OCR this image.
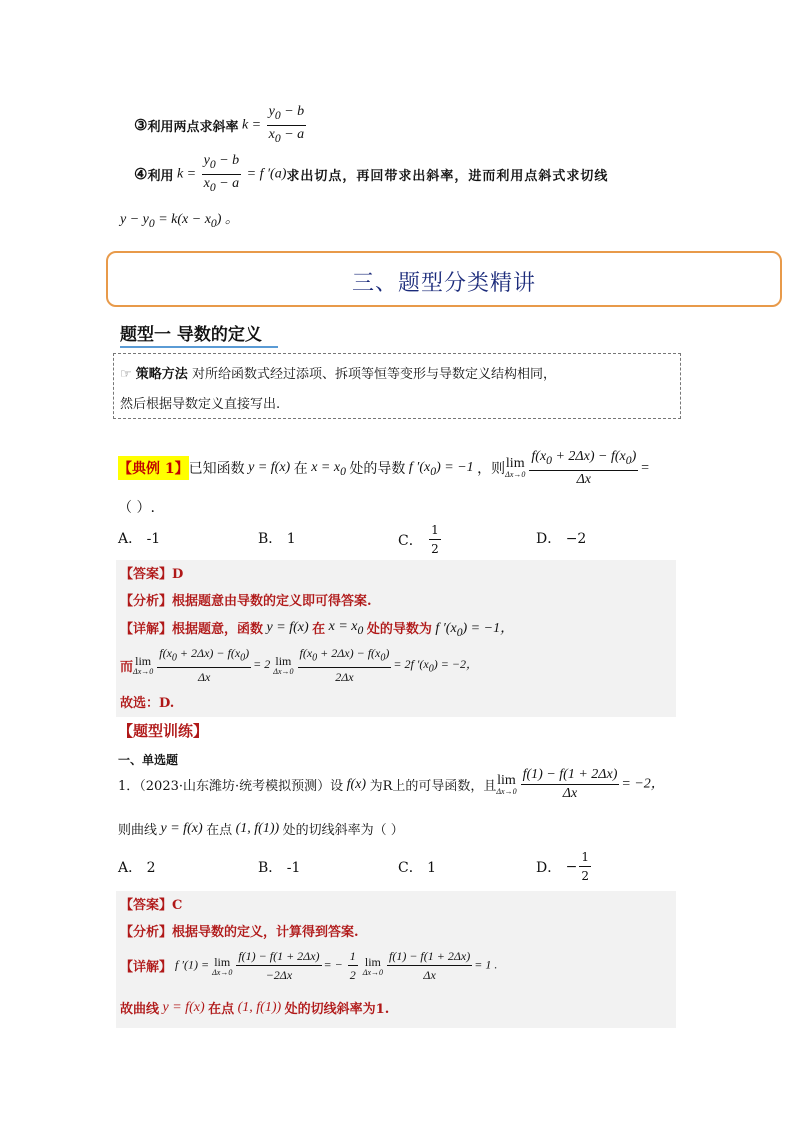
③ 利用两点求斜率 $k = \frac{y_0 - b}{x_0 - a}$
④ 利用 $k = \frac{y_0 - b}{x_0 - a} = f$ ′(a) 求出切点，再回带求出斜率，进而利用点斜式求切线
$y - y_0 = k(x - x_0)$ 。
三、题型分类精讲
题型一 导数的定义
☞ 策略方法 对所给函数式经过添项、拆项等恒等变形与导数定义结构相同，
然后根据导数定义直接写出.
【典例 1】 已知函数 y = f(x) 在 $x = x_0$ 处的导数 f $'(x_0) = -1$ ，则 lim
$\Delta x\to 0 \frac{f(x_0 + 2\Delta x) - f(x_0)}{\Delta x}$ =
（ ）.
A． -1	B． 1	C．
$\frac{1}{2}$	D． −2
【答案】D
【分析】根据题意由导数的定义即可得答案.
【详解】 根据题意，函数 y = f(x) 在 $x = x_0$ 处的导数为 f $'(x_0) = -1$，
而 lim
$\Delta x\to 0 \frac{f(x_0 + 2\Delta x) - f(x_0)}{\Delta x} = 2$ lim
$\Delta x\to 0 \frac{f(x_0 + 2\Delta x) - f(x_0)}{2\Delta x} = 2f$ $'(x_0) = -2$，
故选：D.
【题型训练】
一、单选题
1．（2023·山东潍坊·统考模拟预测）设 f(x) 为R上的可导函数，且 lim
$\Delta x\to 0 \frac{f(1) - f(1 + 2\Delta x)}{\Delta x} = -2$，
则曲线 y = f(x) 在点 (1, f(1)) 处的切线斜率为（ ）
A． 2	B． -1	C． 1	D． − $\frac{1}{2}$
【答案】C
【分析】根据导数的定义，计算得到答案.
【详解】 f ′(1) = lim
$\Delta x\to 0 \frac{f(1) - f(1 + 2\Delta x)}{-2\Delta x}$ = − $\frac{1}{2}$
lim
$\Delta x\to 0 \frac{f(1) - f(1 + 2\Delta x)}{\Delta x} = 1$ .
故曲线 y = f(x) 在点 (1, f(1)) 处的切线斜率为1.
